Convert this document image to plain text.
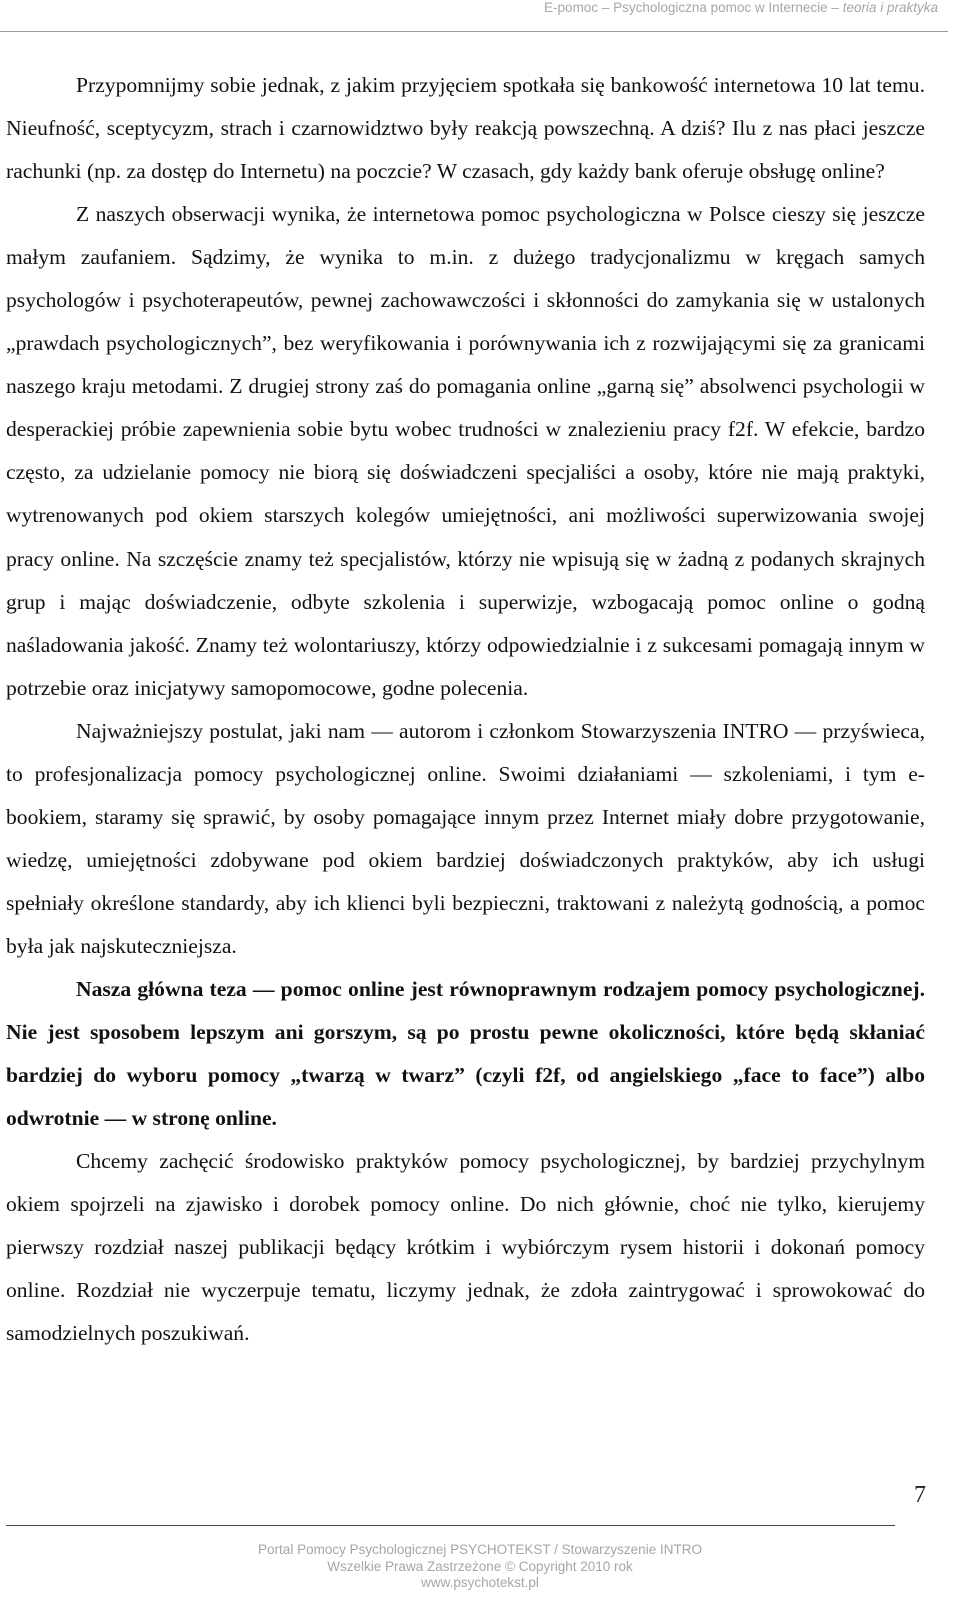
E-pomoc – Psychologiczna pomoc w Internecie – teoria i praktyka

Przypomnijmy sobie jednak, z jakim przyjęciem spotkała się bankowość internetowa 10 lat temu. Nieufność, sceptycyzm, strach i czarnowidztwo były reakcją powszechną. A dziś? Ilu z nas płaci jeszcze rachunki (np. za dostęp do Internetu) na poczcie? W czasach, gdy każdy bank oferuje obsługę online?

Z naszych obserwacji wynika, że internetowa pomoc psychologiczna w Polsce cieszy się jeszcze małym zaufaniem. Sądzimy, że wynika to m.in. z dużego tradycjonalizmu w kręgach samych psychologów i psychoterapeutów, pewnej zachowawczości i skłonności do zamykania się w ustalonych „prawdach psychologicznych”, bez weryfikowania i porównywania ich z rozwijającymi się za granicami naszego kraju metodami. Z drugiej strony zaś do pomagania online „garną się” absolwenci psychologii w desperackiej próbie zapewnienia sobie bytu wobec trudności w znalezieniu pracy f2f. W efekcie, bardzo często, za udzielanie pomocy nie biorą się doświadczeni specjaliści a osoby, które nie mają praktyki, wytrenowanych pod okiem starszych kolegów umiejętności, ani możliwości superwizowania swojej pracy online. Na szczęście znamy też specjalistów, którzy nie wpisują się w żadną z podanych skrajnych grup i mając doświadczenie, odbyte szkolenia i superwizje, wzbogacają pomoc online o godną naśladowania jakość. Znamy też wolontariuszy, którzy odpowiedzialnie i z sukcesami pomagają innym w potrzebie oraz inicjatywy samopomocowe, godne polecenia.

Najważniejszy postulat, jaki nam ― autorom i członkom Stowarzyszenia INTRO ― przyświeca, to profesjonalizacja pomocy psychologicznej online. Swoimi działaniami ― szkoleniami, i tym e-bookiem, staramy się sprawić, by osoby pomagające innym przez Internet miały dobre przygotowanie, wiedzę, umiejętności zdobywane pod okiem bardziej doświadczonych praktyków, aby ich usługi spełniały określone standardy, aby ich klienci byli bezpieczni, traktowani z należytą godnością, a pomoc była jak najskuteczniejsza.

Nasza główna teza ― pomoc online jest równoprawnym rodzajem pomocy psychologicznej. Nie jest sposobem lepszym ani gorszym, są po prostu pewne okoliczności, które będą skłaniać bardziej do wyboru pomocy „twarzą w twarz” (czyli f2f, od angielskiego „face to face”) albo odwrotnie ― w stronę online.

Chcemy zachęcić środowisko praktyków pomocy psychologicznej, by bardziej przychylnym okiem spojrzeli na zjawisko i dorobek pomocy online. Do nich głównie, choć nie tylko, kierujemy pierwszy rozdział naszej publikacji będący krótkim i wybiórczym rysem historii i dokonań pomocy online. Rozdział nie wyczerpuje tematu, liczymy jednak, że zdoła zaintrygować i sprowokować do samodzielnych poszukiwań.

7
Portal Pomocy Psychologicznej PSYCHOTEKST / Stowarzyszenie INTRO
Wszelkie Prawa Zastrzeżone © Copyright 2010 rok
www.psychotekst.pl
